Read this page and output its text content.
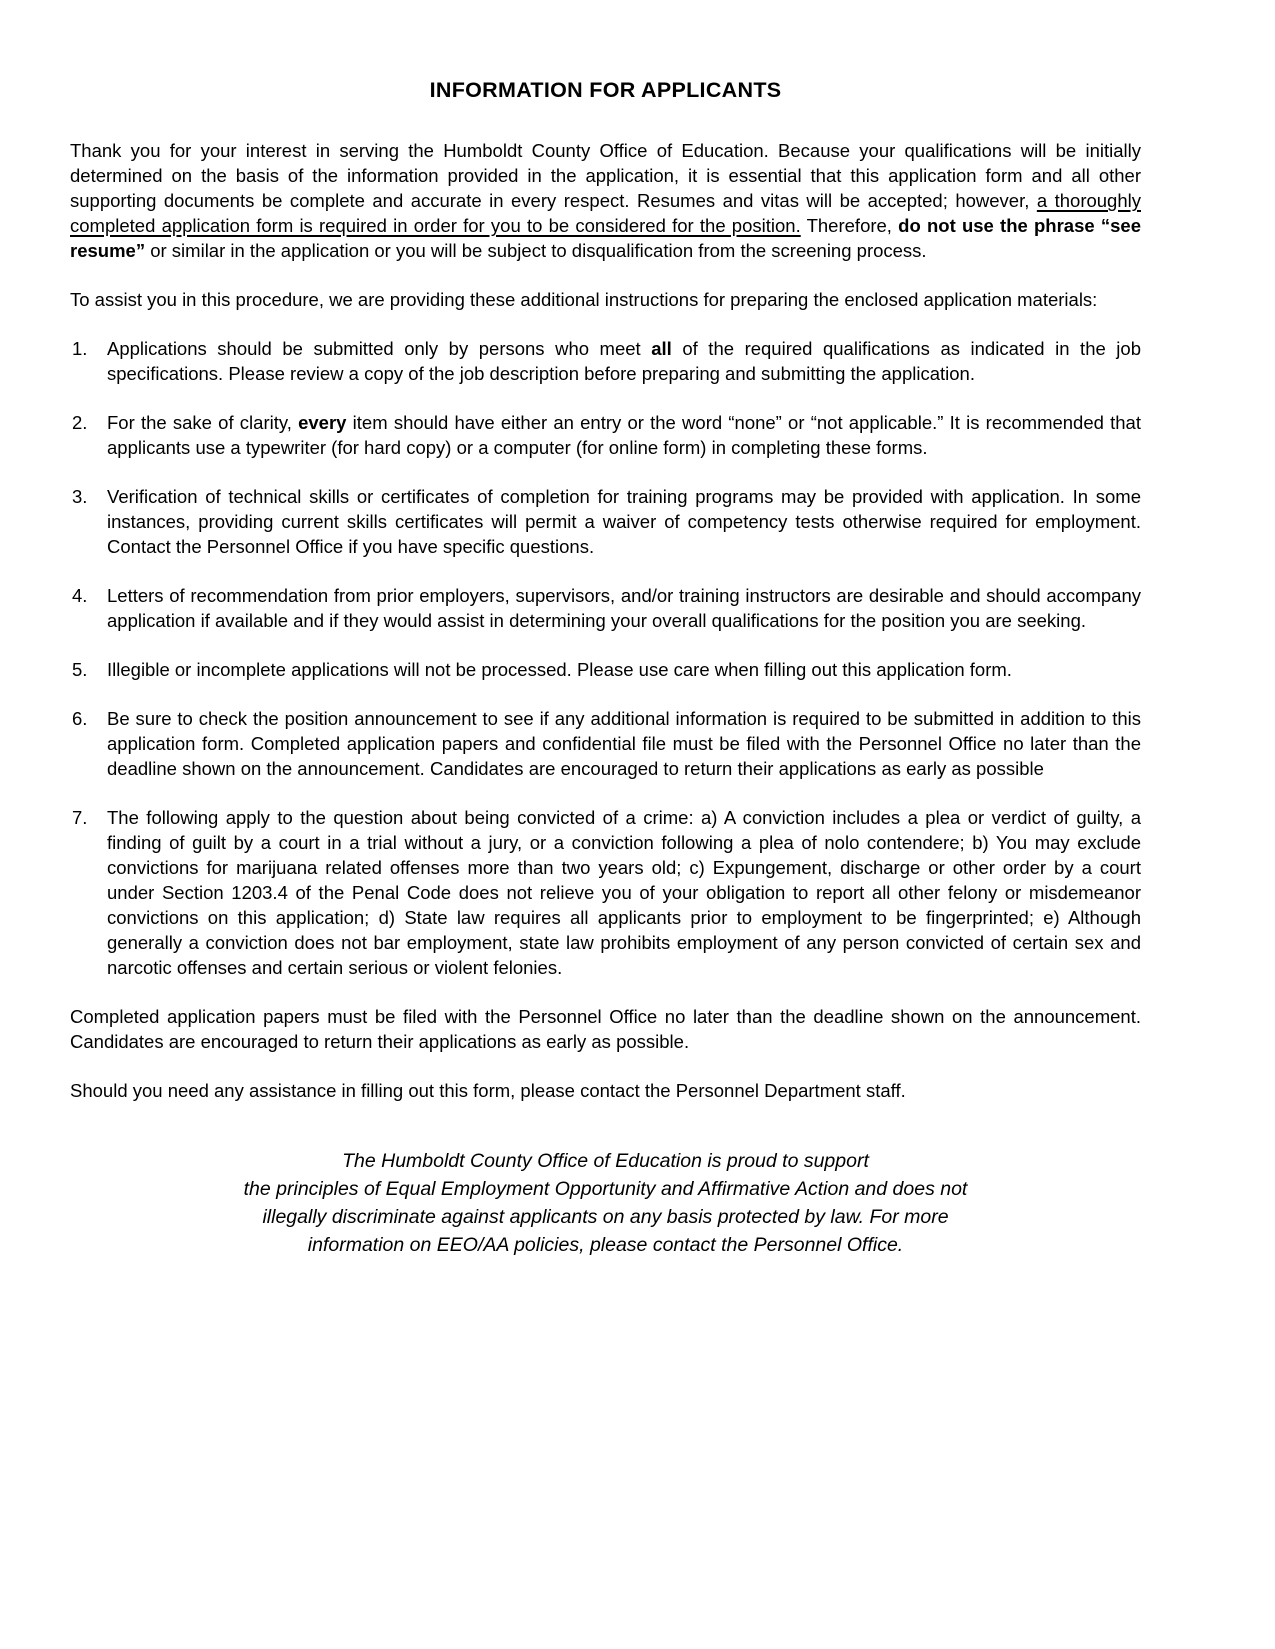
INFORMATION FOR APPLICANTS

Thank you for your interest in serving the Humboldt County Office of Education. Because your qualifications will be initially determined on the basis of the information provided in the application, it is essential that this application form and all other supporting documents be complete and accurate in every respect. Resumes and vitas will be accepted; however, a thoroughly completed application form is required in order for you to be considered for the position. Therefore, do not use the phrase “see resume” or similar in the application or you will be subject to disqualification from the screening process.

To assist you in this procedure, we are providing these additional instructions for preparing the enclosed application materials:

1. Applications should be submitted only by persons who meet all of the required qualifications as indicated in the job specifications. Please review a copy of the job description before preparing and submitting the application.
2. For the sake of clarity, every item should have either an entry or the word “none” or “not applicable.” It is recommended that applicants use a typewriter (for hard copy) or a computer (for online form) in completing these forms.
3. Verification of technical skills or certificates of completion for training programs may be provided with application. In some instances, providing current skills certificates will permit a waiver of competency tests otherwise required for employment. Contact the Personnel Office if you have specific questions.
4. Letters of recommendation from prior employers, supervisors, and/or training instructors are desirable and should accompany application if available and if they would assist in determining your overall qualifications for the position you are seeking.
5. Illegible or incomplete applications will not be processed. Please use care when filling out this application form.
6. Be sure to check the position announcement to see if any additional information is required to be submitted in addition to this application form. Completed application papers and confidential file must be filed with the Personnel Office no later than the deadline shown on the announcement. Candidates are encouraged to return their applications as early as possible
7. The following apply to the question about being convicted of a crime: a) A conviction includes a plea or verdict of guilty, a finding of guilt by a court in a trial without a jury, or a conviction following a plea of nolo contendere; b) You may exclude convictions for marijuana related offenses more than two years old; c) Expungement, discharge or other order by a court under Section 1203.4 of the Penal Code does not relieve you of your obligation to report all other felony or misdemeanor convictions on this application; d) State law requires all applicants prior to employment to be fingerprinted; e) Although generally a conviction does not bar employment, state law prohibits employment of any person convicted of certain sex and narcotic offenses and certain serious or violent felonies.

Completed application papers must be filed with the Personnel Office no later than the deadline shown on the announcement. Candidates are encouraged to return their applications as early as possible.

Should you need any assistance in filling out this form, please contact the Personnel Department staff.

The Humboldt County Office of Education is proud to support
the principles of Equal Employment Opportunity and Affirmative Action and does not
illegally discriminate against applicants on any basis protected by law. For more
information on EEO/AA policies, please contact the Personnel Office.
